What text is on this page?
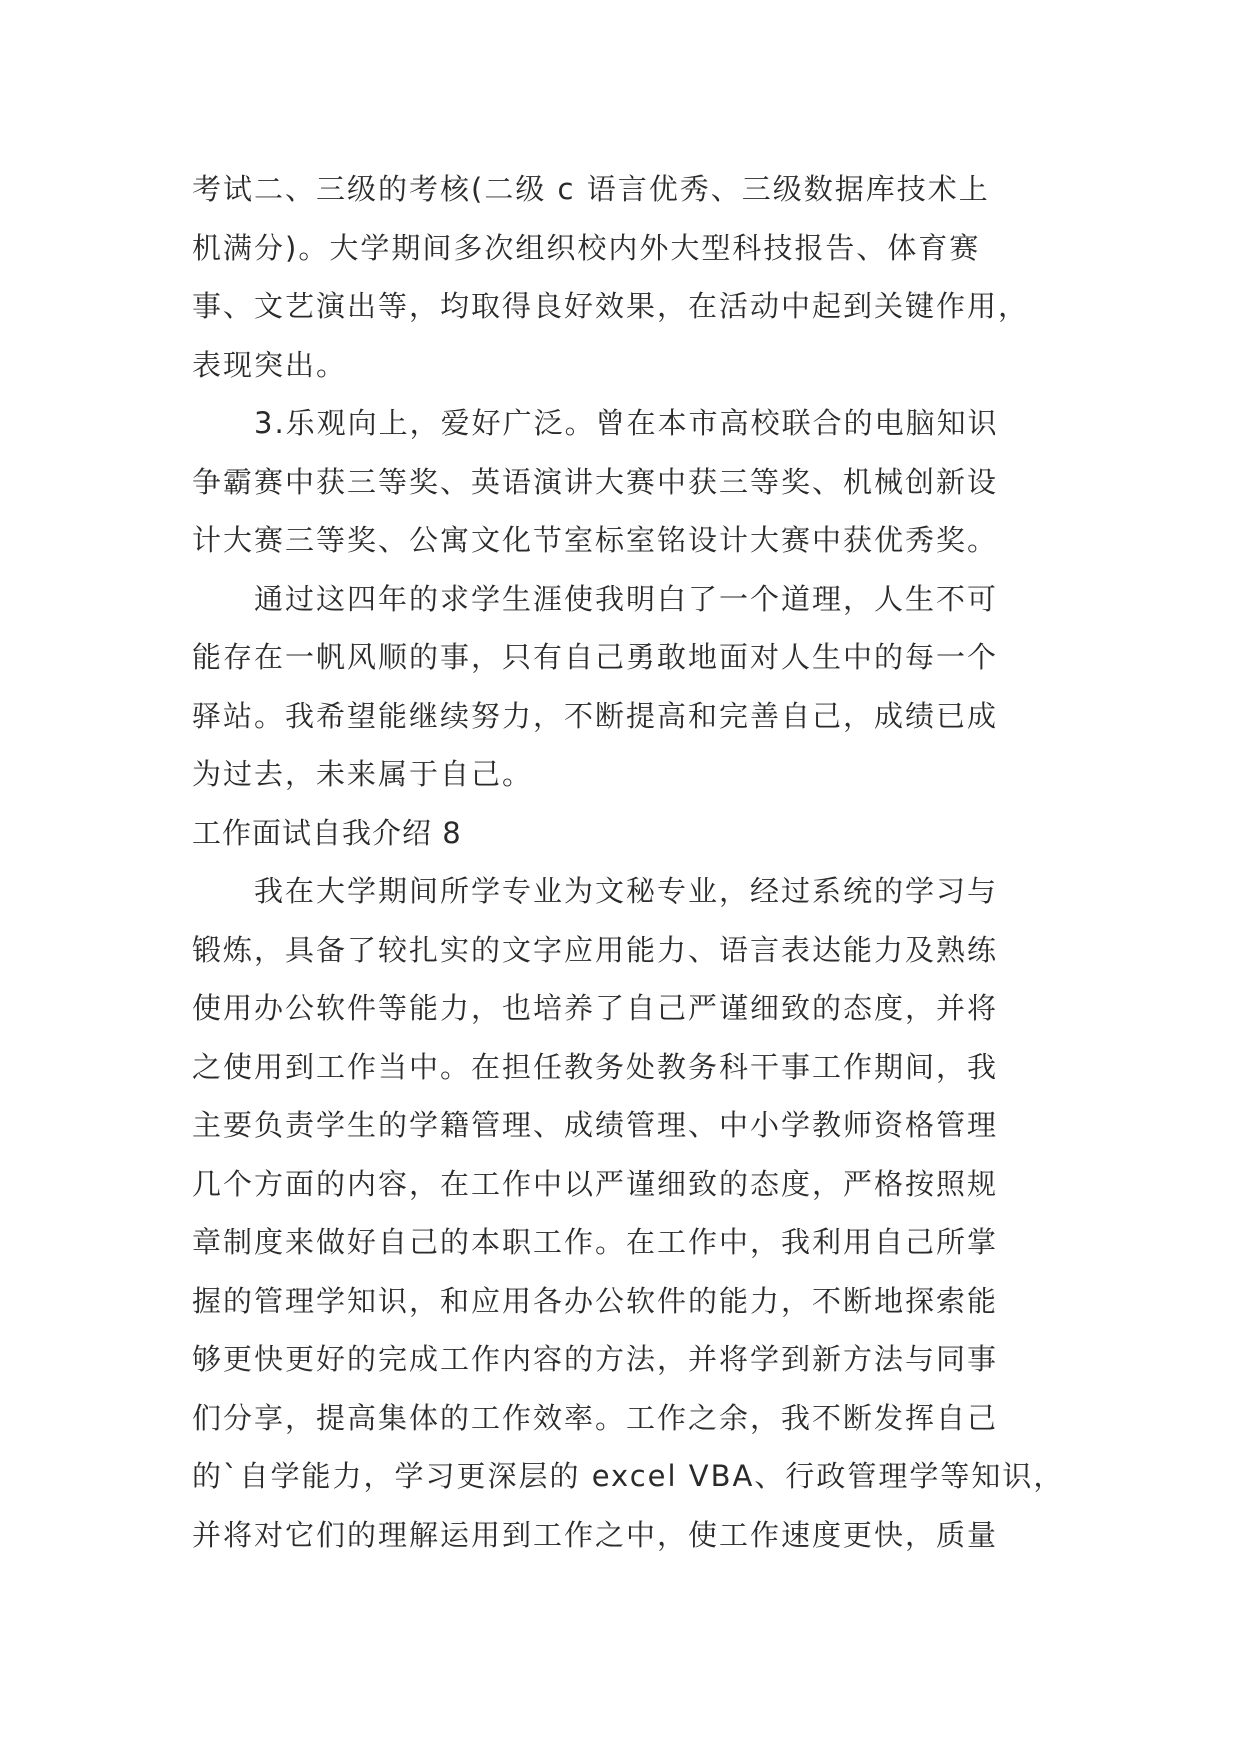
考试二、三级的考核(二级 c 语言优秀、三级数据库技术上
机满分)。大学期间多次组织校内外大型科技报告、体育赛
事、文艺演出等，均取得良好效果，在活动中起到关键作用，
表现突出。
3.乐观向上，爱好广泛。曾在本市高校联合的电脑知识
争霸赛中获三等奖、英语演讲大赛中获三等奖、机械创新设
计大赛三等奖、公寓文化节室标室铭设计大赛中获优秀奖。
通过这四年的求学生涯使我明白了一个道理，人生不可
能存在一帆风顺的事，只有自己勇敢地面对人生中的每一个
驿站。我希望能继续努力，不断提高和完善自己，成绩已成
为过去，未来属于自己。
工作面试自我介绍 8
我在大学期间所学专业为文秘专业，经过系统的学习与
锻炼，具备了较扎实的文字应用能力、语言表达能力及熟练
使用办公软件等能力，也培养了自己严谨细致的态度，并将
之使用到工作当中。在担任教务处教务科干事工作期间，我
主要负责学生的学籍管理、成绩管理、中小学教师资格管理
几个方面的内容，在工作中以严谨细致的态度，严格按照规
章制度来做好自己的本职工作。在工作中，我利用自己所掌
握的管理学知识，和应用各办公软件的能力，不断地探索能
够更快更好的完成工作内容的方法，并将学到新方法与同事
们分享，提高集体的工作效率。工作之余，我不断发挥自己
的`自学能力，学习更深层的 excel VBA、行政管理学等知识，
并将对它们的理解运用到工作之中，使工作速度更快，质量
